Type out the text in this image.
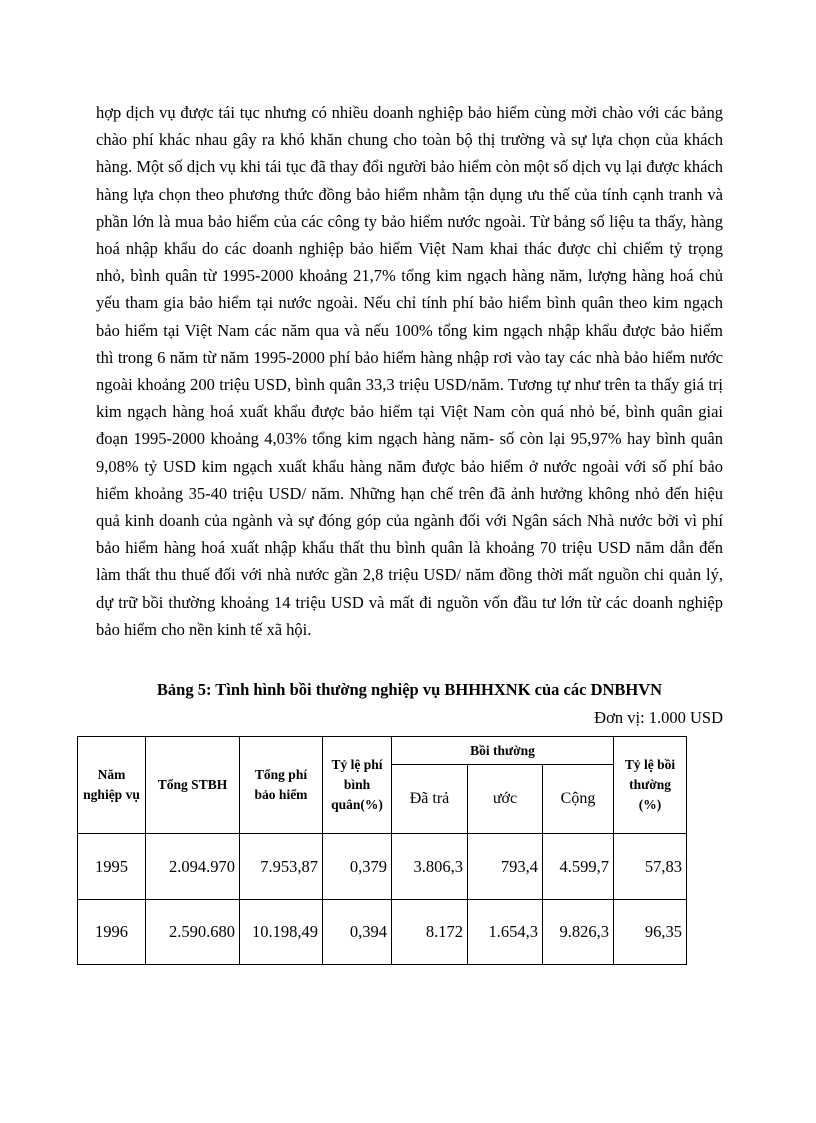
hợp dịch vụ được tái tục nhưng có nhiều doanh nghiệp bảo hiểm cùng mời chào với các bảng chào phí khác nhau gây ra khó khăn chung cho toàn bộ thị trường và sự lựa chọn của khách hàng. Một số dịch vụ khi tái tục đã thay đổi người bảo hiểm còn một số dịch vụ lại được khách hàng lựa chọn theo phương thức đồng bảo hiểm nhằm tận dụng ưu thế của tính cạnh tranh và phần lớn là mua bảo hiểm của các công ty bảo hiểm nước ngoài. Từ bảng số liệu ta thấy, hàng hoá nhập khẩu do các doanh nghiệp bảo hiểm Việt Nam khai thác được chỉ chiếm tỷ trọng nhỏ, bình quân từ 1995-2000 khoảng 21,7% tổng kim ngạch hàng năm, lượng hàng hoá chủ yếu tham gia bảo hiểm tại nước ngoài. Nếu chỉ tính phí bảo hiểm bình quân theo kim ngạch bảo hiểm tại Việt Nam các năm qua và nếu 100% tổng kim ngạch nhập khẩu được bảo hiểm thì trong 6 năm từ năm 1995-2000 phí bảo hiểm hàng nhập rơi vào tay các nhà bảo hiểm nước ngoài khoảng 200 triệu USD, bình quân 33,3 triệu USD/năm. Tương tự như trên ta thấy giá trị kim ngạch hàng hoá xuất khẩu được bảo hiểm tại Việt Nam còn quá nhỏ bé, bình quân giai đoạn 1995-2000 khoảng 4,03% tổng kim ngạch hàng năm- số còn lại 95,97% hay bình quân 9,08% tỷ USD kim ngạch xuất khẩu hàng năm được bảo hiểm ở nước ngoài với số phí bảo hiểm khoảng 35-40 triệu USD/ năm. Những hạn chế trên đã ảnh hưởng không nhỏ đến hiệu quả kinh doanh của ngành và sự đóng góp của ngành đối với Ngân sách Nhà nước bởi vì phí bảo hiểm hàng hoá xuất nhập khẩu thất thu bình quân là khoảng 70 triệu USD năm dẫn đến làm thất thu thuế đối với nhà nước gần 2,8 triệu USD/ năm đồng thời mất nguồn chi quản lý, dự trữ bồi thường khoảng 14 triệu USD và mất đi nguồn vốn đầu tư lớn từ các doanh nghiệp bảo hiểm cho nền kinh tế xã hội.

Bảng 5: Tình hình bồi thường nghiệp vụ BHHHXNK của các DNBHVN

Đơn vị: 1.000 USD

Năm nghiệp vụ	Tổng STBH	Tổng phí bảo hiểm	Tỷ lệ phí bình quân(%)	Bồi thường			Tỷ lệ bồi thường (%)
				Đã trả	ước	Cộng	
1995	2.094.970	7.953,87	0,379	3.806,3	793,4	4.599,7	57,83
1996	2.590.680	10.198,49	0,394	8.172	1.654,3	9.826,3	96,35
